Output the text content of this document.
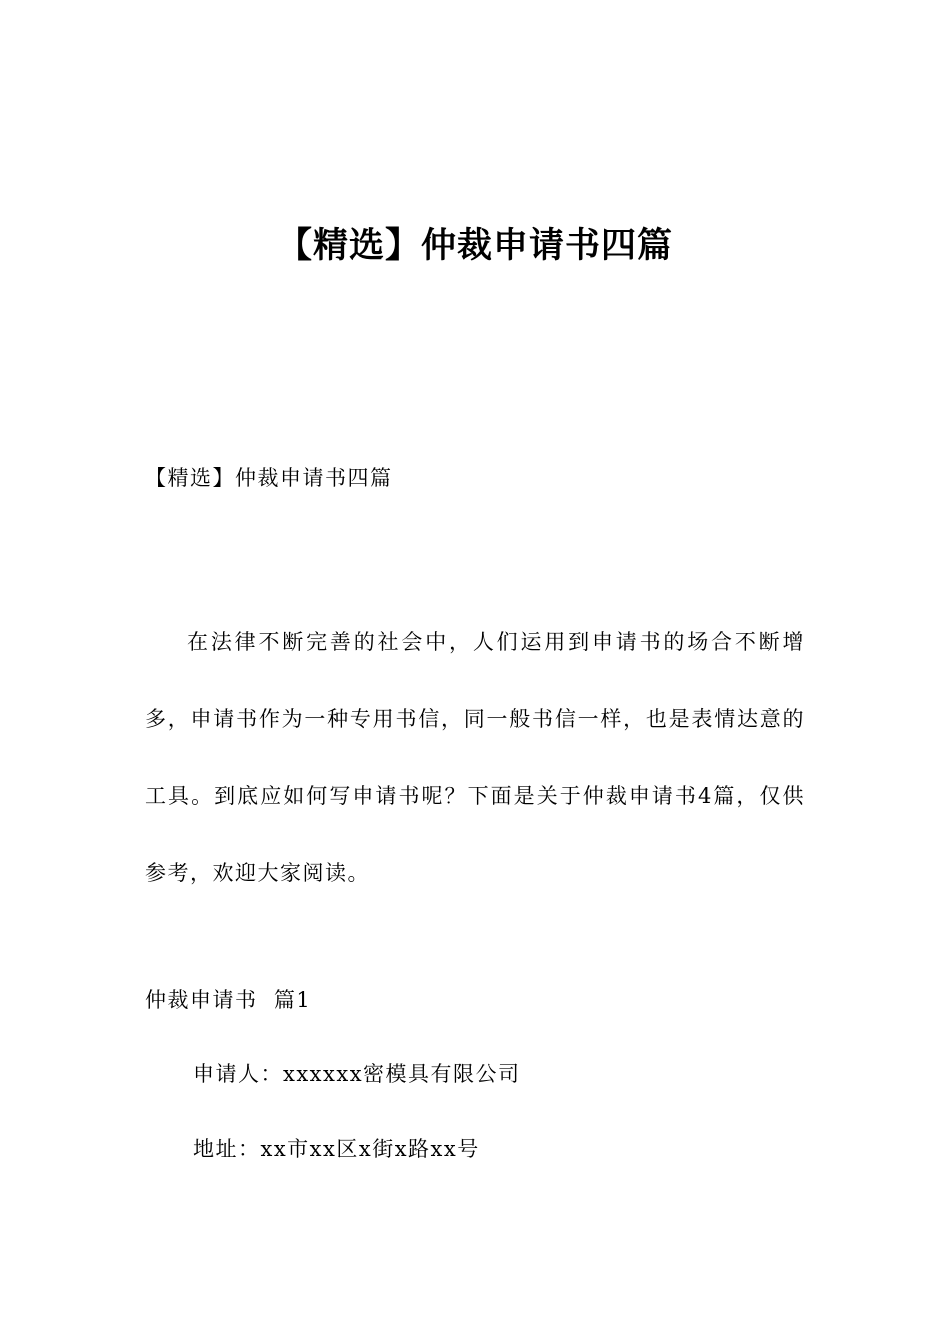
【精选】仲裁申请书四篇
【精选】仲裁申请书四篇

在法律不断完善的社会中，人们运用到申请书的场合不断增多，申请书作为一种专用书信，同一般书信一样，也是表情达意的工具。到底应如何写申请书呢？下面是关于仲裁申请书4篇，仅供参考，欢迎大家阅读。

仲裁申请书  篇1
申请人：xxxxxx密模具有限公司
地址：xx市xx区x街x路xx号
